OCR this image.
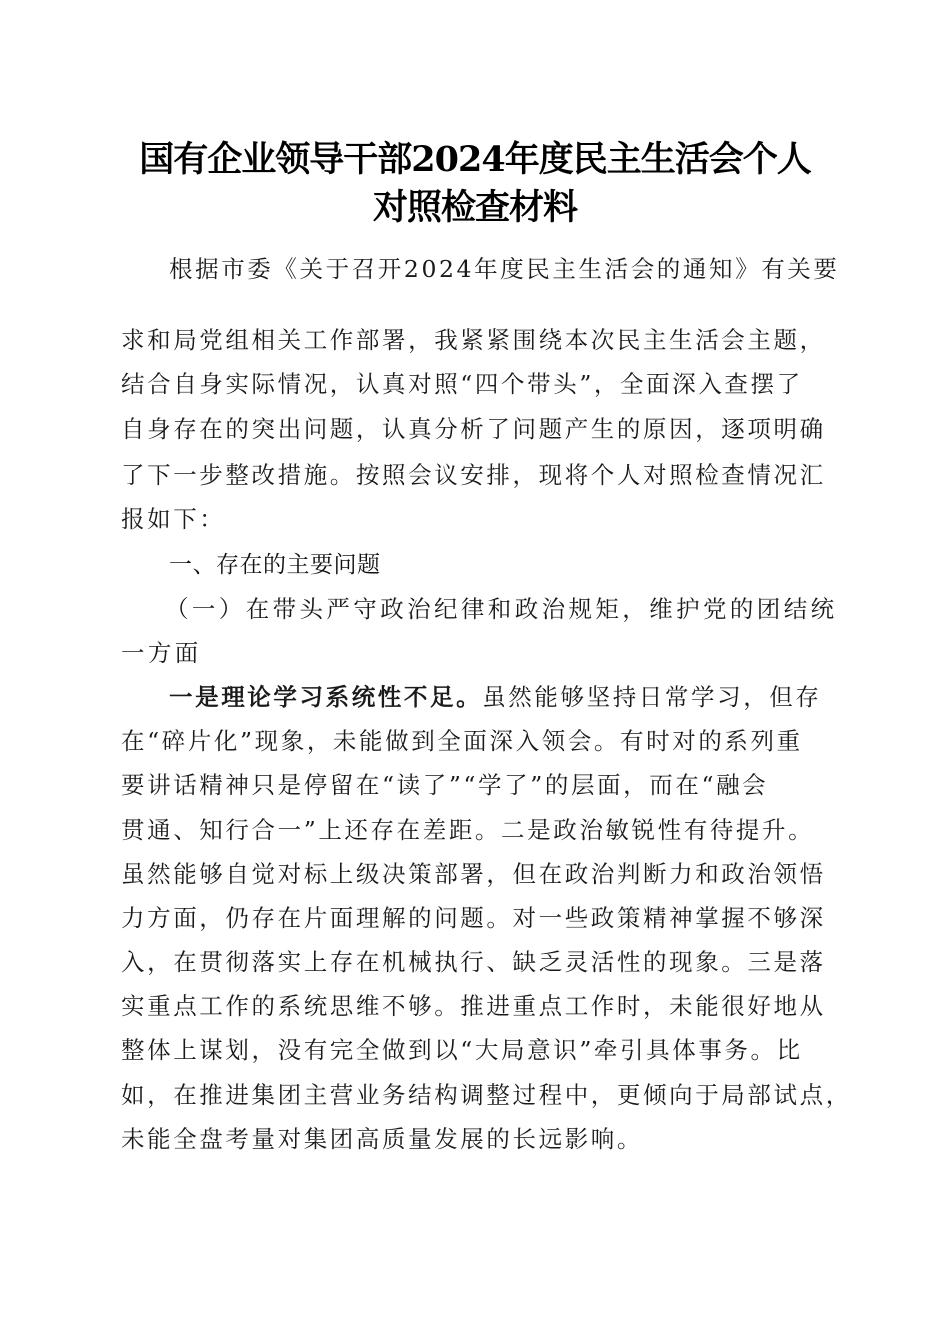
国有企业领导干部2024年度民主生活会个人
对照检查材料
根据市委《关于召开2024年度民主生活会的通知》有关要
求和局党组相关工作部署，我紧紧围绕本次民主生活会主题，
结合自身实际情况，认真对照“四个带头”，全面深入查摆了
自身存在的突出问题，认真分析了问题产生的原因，逐项明确
了下一步整改措施。按照会议安排，现将个人对照检查情况汇
报如下：
一、存在的主要问题
（一）在带头严守政治纪律和政治规矩，维护党的团结统
一方面
一是理论学习系统性不足。虽然能够坚持日常学习，但存
在“碎片化”现象，未能做到全面深入领会。有时对的系列重
要讲话精神只是停留在“读了”“学了”的层面，而在“融会
贯通、知行合一”上还存在差距。二是政治敏锐性有待提升。
虽然能够自觉对标上级决策部署，但在政治判断力和政治领悟
力方面，仍存在片面理解的问题。对一些政策精神掌握不够深
入，在贯彻落实上存在机械执行、缺乏灵活性的现象。三是落
实重点工作的系统思维不够。推进重点工作时，未能很好地从
整体上谋划，没有完全做到以“大局意识”牵引具体事务。比
如，在推进集团主营业务结构调整过程中，更倾向于局部试点，
未能全盘考量对集团高质量发展的长远影响。
